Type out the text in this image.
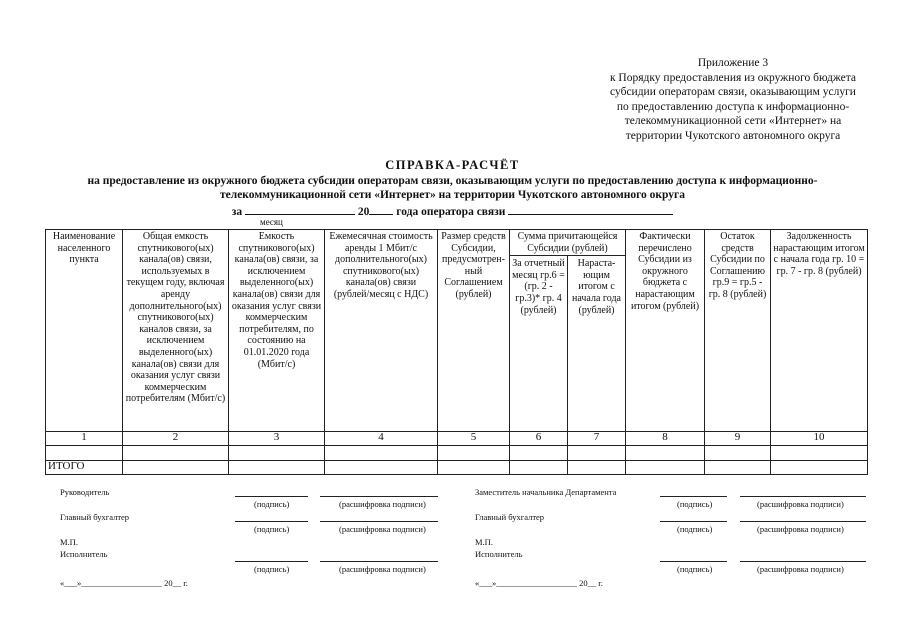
Приложение 3
к Порядку предоставления из окружного бюджета
субсидии операторам связи, оказывающим услуги
по предоставлению доступа к информационно-
телекоммуникационной сети «Интернет» на
территории Чукотского автономного округа
СПРАВКА-РАСЧЁТ
на предоставление из окружного бюджета субсидии операторам связи, оказывающим услуги по предоставлению доступа к информационно-
телекоммуникационной сети «Интернет» на территории Чукотского автономного округа
за	20 года оператора связи
месяц
Наименование населенного пункта	Общая емкость спутникового(ых) канала(ов) связи, используемых в текущем году, включая аренду дополнительного(ых) спутникового(ых) каналов связи, за исключением выделенного(ых) канала(ов) связи для оказания услуг связи коммерческим потребителям (Мбит/с)	Емкость спутникового(ых) канала(ов) связи, за исключением выделенного(ых) канала(ов) связи для оказания услуг связи коммерческим потребителям, по состоянию на 01.01.2020 года (Мбит/с)	Ежемесячная стоимость аренды 1 Мбит/с дополнительного(ых) спутникового(ых) канала(ов) связи (рублей/месяц с НДС)	Размер средств Субсидии, предусмотрен-ный Соглашением (рублей)	Сумма причитающейся Субсидии (рублей)		Фактически перечислено Субсидии из окружного бюджета с нарастающим итогом (рублей)	Остаток средств Субсидии по Соглашению гр.9 = гр.5 - гр. 8 (рублей)	Задолженность нарастающим итогом с начала года гр. 10 = гр. 7 - гр. 8 (рублей)
					За отчетный месяц гр.6 = (гр. 2 - гр.3)* гр. 4 (рублей)	Нараста-ющим итогом с начала года (рублей)			
1	2	3	4	5	6	7	8	9	10

ИТОГО									
Руководитель
(подпись)	(расшифровка подписи)
Главный бухгалтер
(подпись)	(расшифровка подписи)
М.П.
Исполнитель
(подпись)	(расшифровка подписи)
«___»___________________ 20__ г.
Заместитель начальника Департамента
(подпись)	(расшифровка подписи)
Главный бухгалтер
(подпись)	(расшифровка подписи)
М.П.
Исполнитель
(подпись)	(расшифровка подписи)
«___»___________________ 20__ г.
